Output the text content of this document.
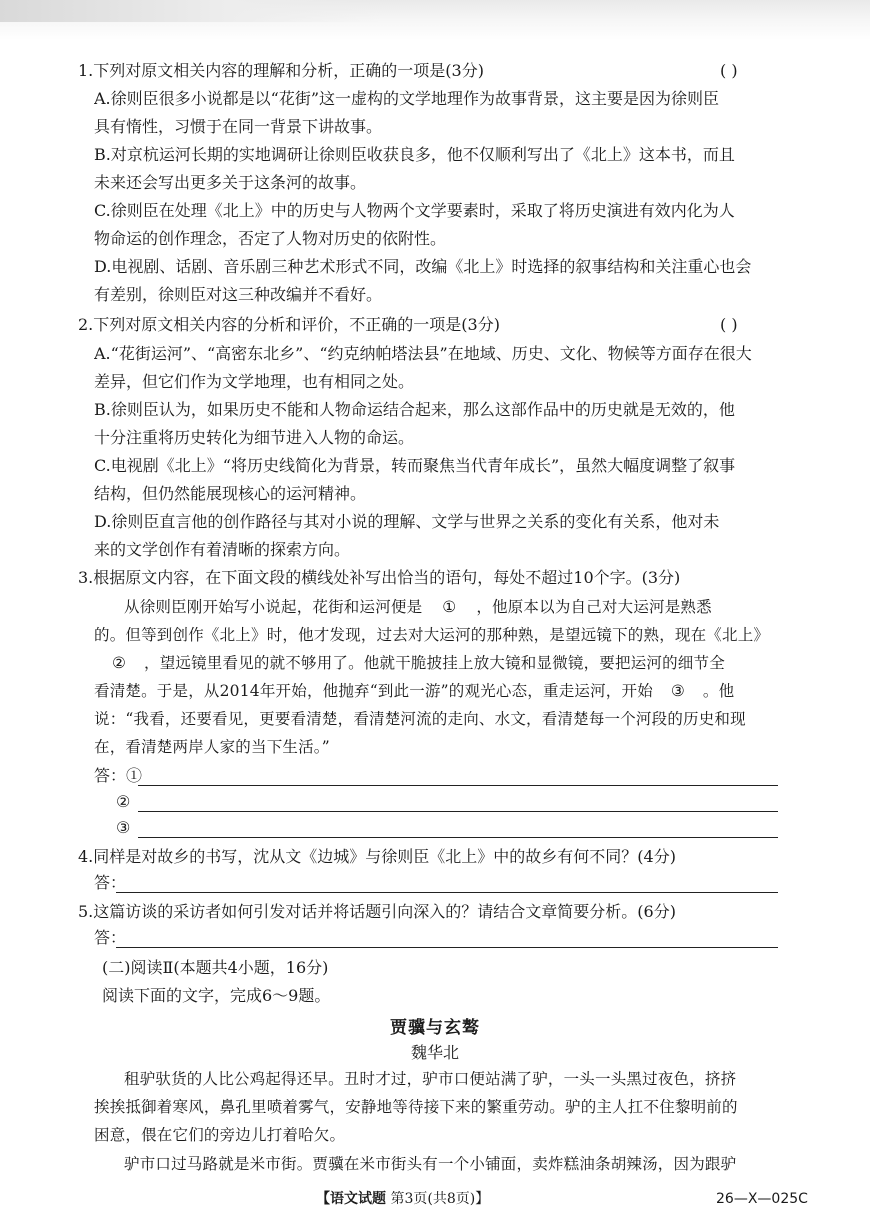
1.下列对原文相关内容的理解和分析，正确的一项是(3分)	( )
A.徐则臣很多小说都是以“花街”这一虚构的文学地理作为故事背景，这主要是因为徐则臣
具有惰性，习惯于在同一背景下讲故事。
B.对京杭运河长期的实地调研让徐则臣收获良多，他不仅顺利写出了《北上》这本书，而且
未来还会写出更多关于这条河的故事。
C.徐则臣在处理《北上》中的历史与人物两个文学要素时，采取了将历史演进有效内化为人
物命运的创作理念，否定了人物对历史的依附性。
D.电视剧、话剧、音乐剧三种艺术形式不同，改编《北上》时选择的叙事结构和关注重心也会
有差别，徐则臣对这三种改编并不看好。
2.下列对原文相关内容的分析和评价，不正确的一项是(3分)	( )
A.“花街运河”、“高密东北乡”、“约克纳帕塔法县”在地域、历史、文化、物候等方面存在很大
差异，但它们作为文学地理，也有相同之处。
B.徐则臣认为，如果历史不能和人物命运结合起来，那么这部作品中的历史就是无效的，他
十分注重将历史转化为细节进入人物的命运。
C.电视剧《北上》“将历史线简化为背景，转而聚焦当代青年成长”，虽然大幅度调整了叙事
结构，但仍然能展现核心的运河精神。
D.徐则臣直言他的创作路径与其对小说的理解、文学与世界之关系的变化有关系，他对未
来的文学创作有着清晰的探索方向。
3.根据原文内容，在下面文段的横线处补写出恰当的语句，每处不超过10个字。(3分)
从徐则臣刚开始写小说起，花街和运河便是 ① ，他原本以为自己对大运河是熟悉
的。但等到创作《北上》时，他才发现，过去对大运河的那种熟，是望远镜下的熟，现在《北上》
② ，望远镜里看见的就不够用了。他就干脆披挂上放大镜和显微镜，要把运河的细节全
看清楚。于是，从2014年开始，他抛弃“到此一游”的观光心态，重走运河，开始 ③ 。他
说：“我看，还要看见，更要看清楚，看清楚河流的走向、水文，看清楚每一个河段的历史和现
在，看清楚两岸人家的当下生活。”
答：①
②
③
4.同样是对故乡的书写，沈从文《边城》与徐则臣《北上》中的故乡有何不同？(4分)
答：
5.这篇访谈的采访者如何引发对话并将话题引向深入的？请结合文章简要分析。(6分)
答：
(二)阅读Ⅱ(本题共4小题，16分)
阅读下面的文字，完成6～9题。
贾骥与玄骜
魏华北
租驴驮货的人比公鸡起得还早。丑时才过，驴市口便站满了驴，一头一头黑过夜色，挤挤
挨挨抵御着寒风，鼻孔里喷着雾气，安静地等待接下来的繁重劳动。驴的主人扛不住黎明前的
困意，偎在它们的旁边儿打着哈欠。
驴市口过马路就是米市街。贾骥在米市街头有一个小铺面，卖炸糕油条胡辣汤，因为跟驴
【语文试题 第3页(共8页)】	26—X—025C
